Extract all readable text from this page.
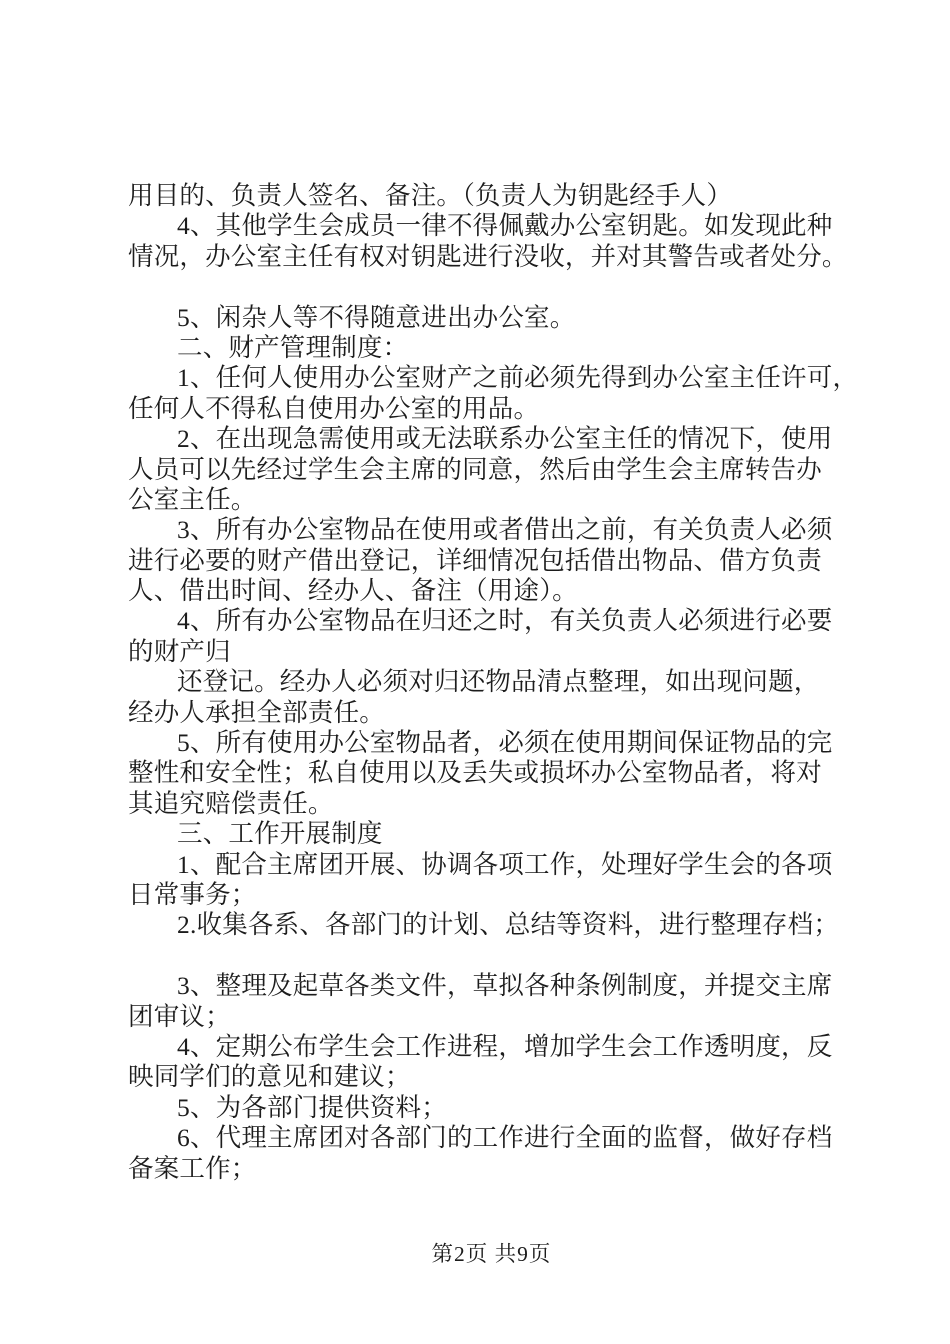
用目的、负责人签名、备注。（负责人为钥匙经手人）
4、其他学生会成员一律不得佩戴办公室钥匙。如发现此种
情况，办公室主任有权对钥匙进行没收，并对其警告或者处分。

5、闲杂人等不得随意进出办公室。
二、财产管理制度：
1、任何人使用办公室财产之前必须先得到办公室主任许可，
任何人不得私自使用办公室的用品。
2、在出现急需使用或无法联系办公室主任的情况下，使用
人员可以先经过学生会主席的同意，然后由学生会主席转告办
公室主任。
3、所有办公室物品在使用或者借出之前，有关负责人必须
进行必要的财产借出登记，详细情况包括借出物品、借方负责
人、借出时间、经办人、备注（用途）。
4、所有办公室物品在归还之时，有关负责人必须进行必要
的财产归
还登记。经办人必须对归还物品清点整理，如出现问题，
经办人承担全部责任。
5、所有使用办公室物品者，必须在使用期间保证物品的完
整性和安全性；私自使用以及丢失或损坏办公室物品者，将对
其追究赔偿责任。
三、工作开展制度
1、配合主席团开展、协调各项工作，处理好学生会的各项
日常事务；
2.收集各系、各部门的计划、总结等资料，进行整理存档；

3、整理及起草各类文件，草拟各种条例制度，并提交主席
团审议；
4、定期公布学生会工作进程，增加学生会工作透明度，反
映同学们的意见和建议；
5、为各部门提供资料；
6、代理主席团对各部门的工作进行全面的监督，做好存档
备案工作；
第2页 共9页
